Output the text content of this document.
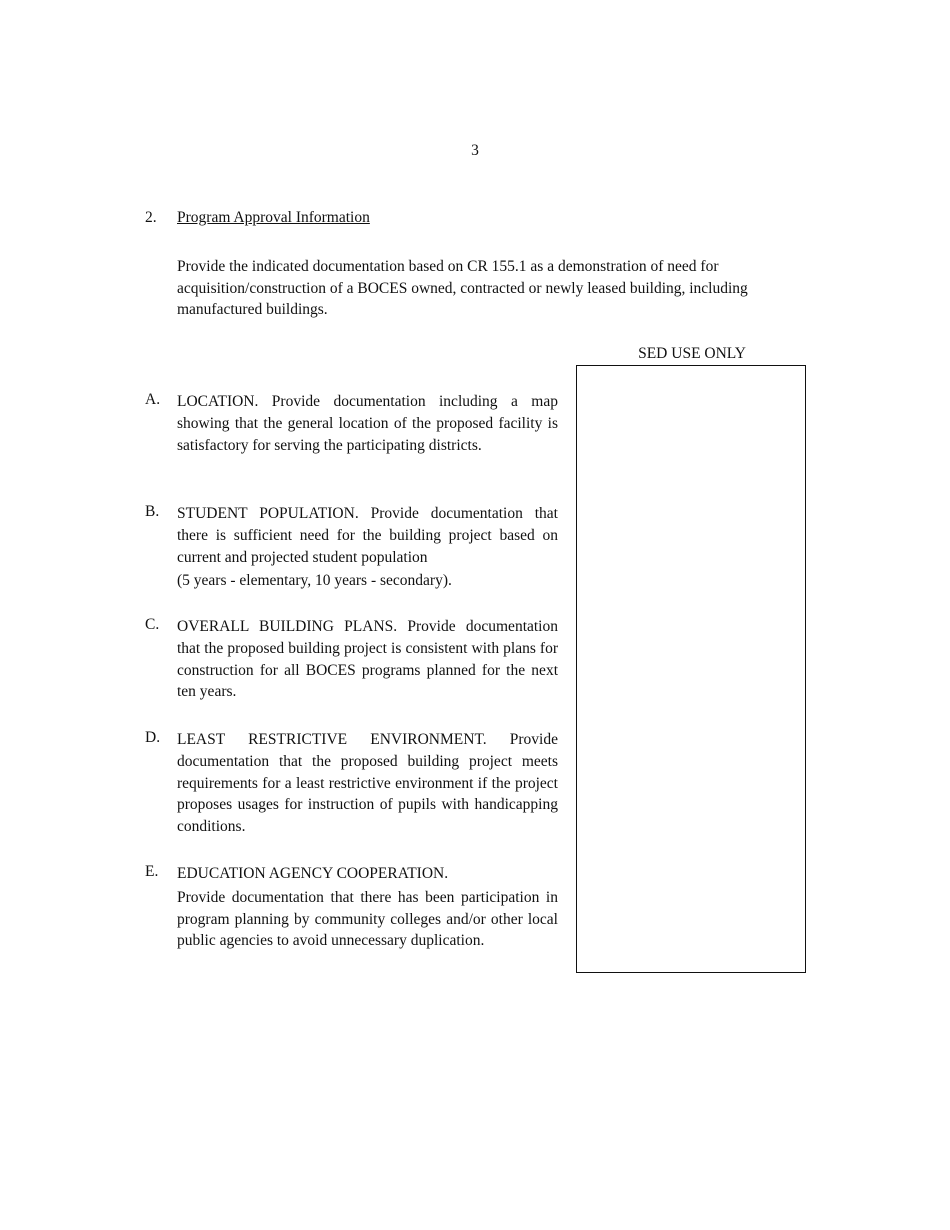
3
2. Program Approval Information
Provide the indicated documentation based on CR 155.1 as a demonstration of need for acquisition/construction of a BOCES owned, contracted or newly leased building, including manufactured buildings.
SED USE ONLY
A.	LOCATION. Provide documentation including a map showing that the general location of the proposed facility is satisfactory for serving the participating districts.
B.	STUDENT POPULATION. Provide documentation that there is sufficient need for the building project based on current and projected student population
(5 years - elementary, 10 years - secondary).
C.	OVERALL BUILDING PLANS. Provide documentation that the proposed building project is consistent with plans for construction for all BOCES programs planned for the next ten years.
D.	LEAST RESTRICTIVE ENVIRONMENT. Provide documentation that the proposed building project meets requirements for a least restrictive environment if the project proposes usages for instruction of pupils with handicapping conditions.
E.	EDUCATION AGENCY COOPERATION.
Provide documentation that there has been participation in program planning by community colleges and/or other local public agencies to avoid unnecessary duplication.
